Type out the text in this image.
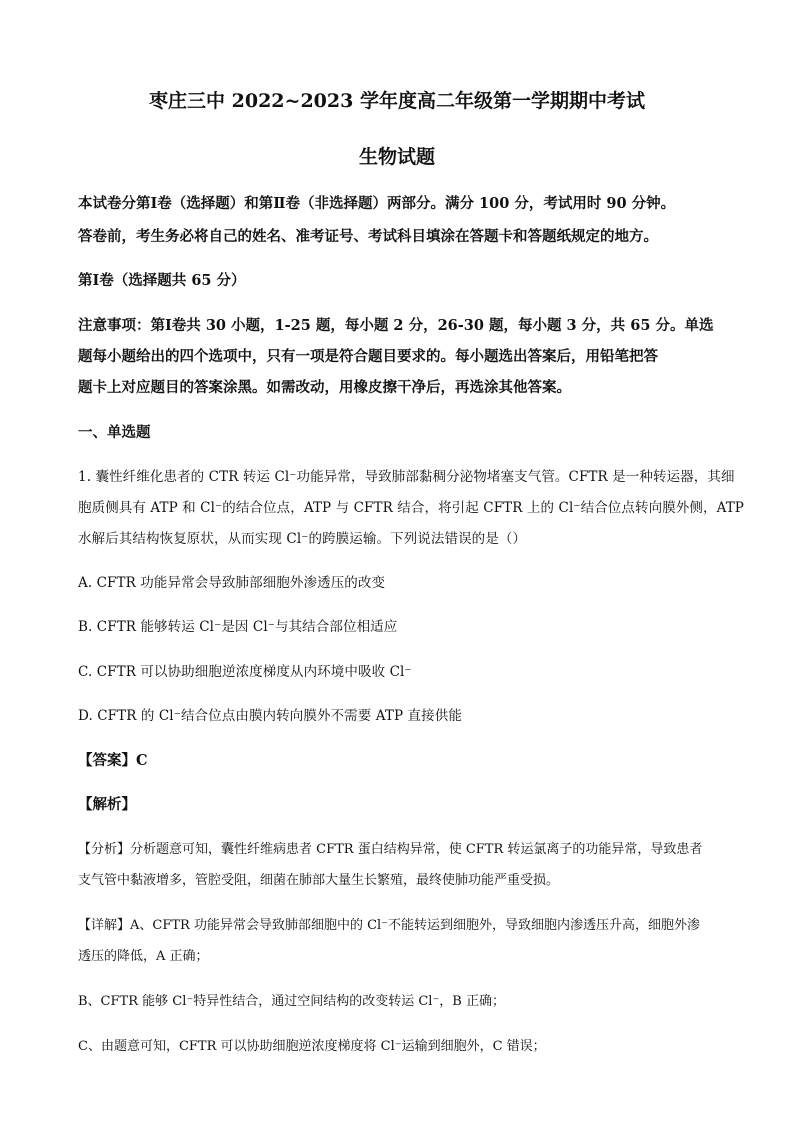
枣庄三中 2022~2023 学年度高二年级第一学期期中考试
生物试题
本试卷分第Ⅰ卷（选择题）和第Ⅱ卷（非选择题）两部分。满分 100 分，考试用时 90 分钟。
答卷前，考生务必将自己的姓名、准考证号、考试科目填涂在答题卡和答题纸规定的地方。
第Ⅰ卷（选择题共 65 分）
注意事项：第Ⅰ卷共 30 小题，1-25 题，每小题 2 分，26-30 题，每小题 3 分，共 65 分。单选
题每小题给出的四个选项中，只有一项是符合题目要求的。每小题选出答案后，用铅笔把答
题卡上对应题目的答案涂黑。如需改动，用橡皮擦干净后，再选涂其他答案。
一、单选题
1. 囊性纤维化患者的 CTR 转运 Cl⁻功能异常，导致肺部黏稠分泌物堵塞支气管。CFTR 是一种转运器，其细
胞质侧具有 ATP 和 Cl⁻的结合位点，ATP 与 CFTR 结合，将引起 CFTR 上的 Cl⁻结合位点转向膜外侧，ATP
水解后其结构恢复原状，从而实现 Cl⁻的跨膜运输。下列说法错误的是（）
A. CFTR 功能异常会导致肺部细胞外渗透压的改变
B. CFTR 能够转运 Cl⁻是因 Cl⁻与其结合部位相适应
C. CFTR 可以协助细胞逆浓度梯度从内环境中吸收 Cl⁻
D. CFTR 的 Cl⁻结合位点由膜内转向膜外不需要 ATP 直接供能
【答案】C
【解析】
【分析】分析题意可知，囊性纤维病患者 CFTR 蛋白结构异常，使 CFTR 转运氯离子的功能异常，导致患者
支气管中黏液增多，管腔受阻，细菌在肺部大量生长繁殖，最终使肺功能严重受损。
【详解】A、CFTR 功能异常会导致肺部细胞中的 Cl⁻不能转运到细胞外，导致细胞内渗透压升高，细胞外渗
透压的降低，A 正确；
B、CFTR 能够 Cl⁻特异性结合，通过空间结构的改变转运 Cl⁻，B 正确；
C、由题意可知，CFTR 可以协助细胞逆浓度梯度将 Cl⁻运输到细胞外，C 错误；
